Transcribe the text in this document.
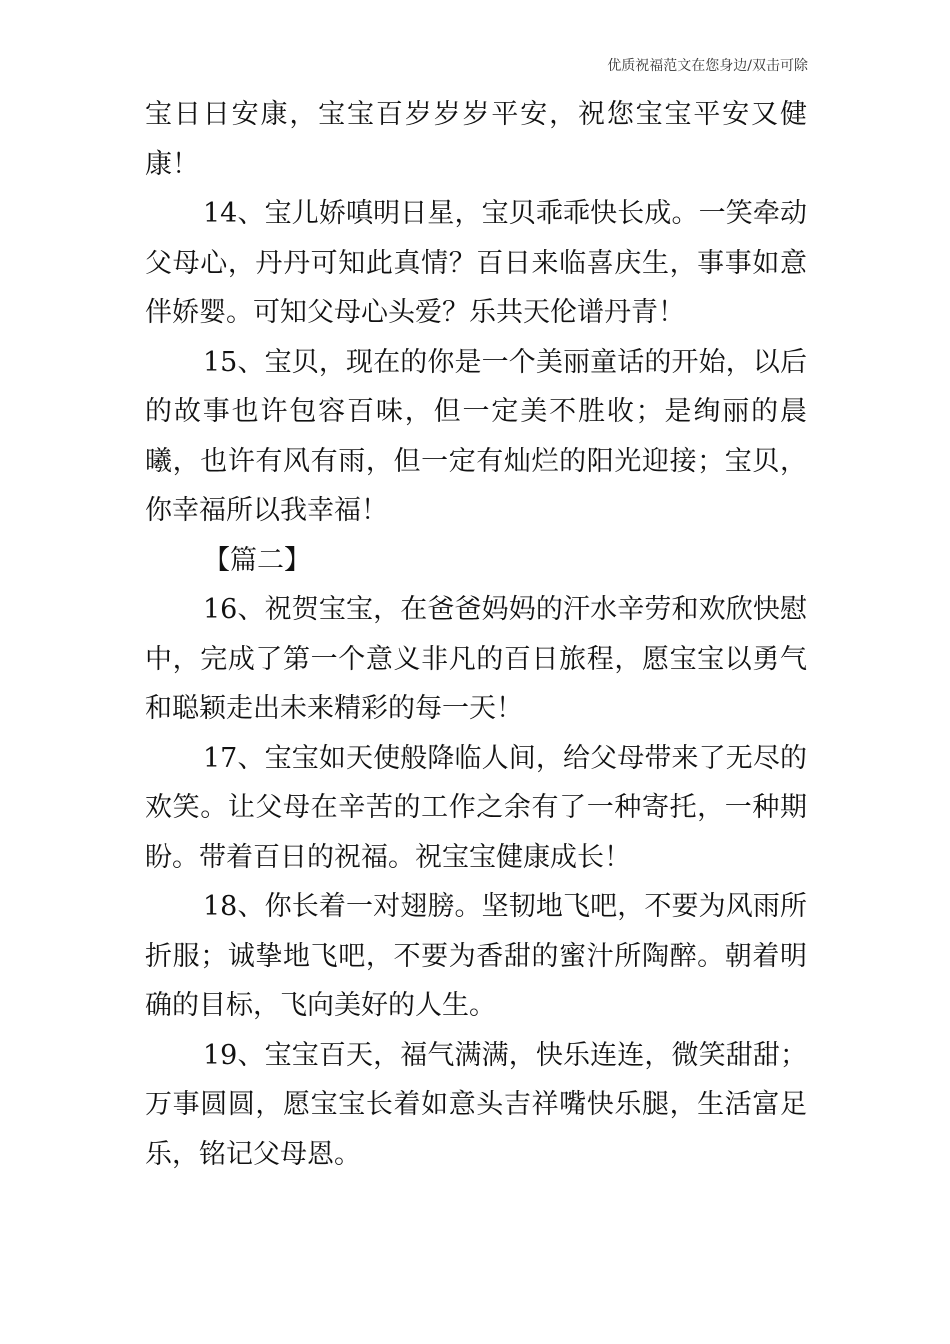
优质祝福范文在您身边/双击可除

宝日日安康，宝宝百岁岁岁平安，祝您宝宝平安又健康！

14、宝儿娇嗔明日星，宝贝乖乖快长成。一笑牵动父母心，丹丹可知此真情？百日来临喜庆生，事事如意伴娇婴。可知父母心头爱？乐共天伦谱丹青！

15、宝贝，现在的你是一个美丽童话的开始，以后的故事也许包容百味，但一定美不胜收；是绚丽的晨曦，也许有风有雨，但一定有灿烂的阳光迎接；宝贝，你幸福所以我幸福！

【篇二】

16、祝贺宝宝，在爸爸妈妈的汗水辛劳和欢欣快慰中，完成了第一个意义非凡的百日旅程，愿宝宝以勇气和聪颖走出未来精彩的每一天！

17、宝宝如天使般降临人间，给父母带来了无尽的欢笑。让父母在辛苦的工作之余有了一种寄托，一种期盼。带着百日的祝福。祝宝宝健康成长！

18、你长着一对翅膀。坚韧地飞吧，不要为风雨所折服；诚挚地飞吧，不要为香甜的蜜汁所陶醉。朝着明确的目标，飞向美好的人生。

19、宝宝百天，福气满满，快乐连连，微笑甜甜；万事圆圆，愿宝宝长着如意头吉祥嘴快乐腿，生活富足乐，铭记父母恩。
